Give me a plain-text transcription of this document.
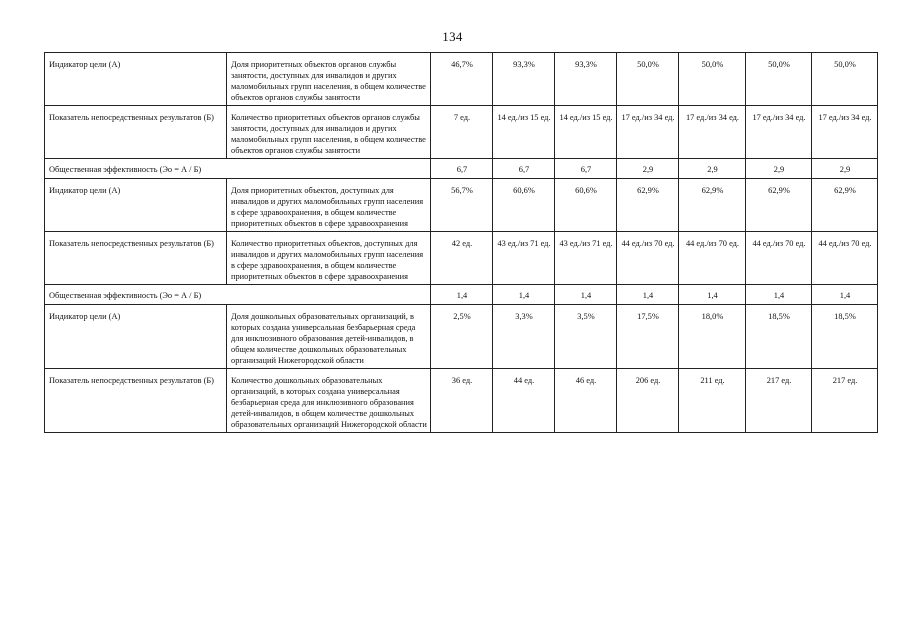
134
Индикатор цели (А)	Доля приоритетных объектов органов службы занятости, доступных для инвалидов и других маломобильных групп населения, в общем количестве объектов органов службы занятости	46,7%	93,3%	93,3%	50,0%	50,0%	50,0%	50,0%
Показатель непосредственных результатов (Б)	Количество приоритетных объектов органов службы занятости, доступных для инвалидов и других маломобильных групп населения, в общем количестве объектов органов службы занятости	7 ед.	14 ед./из 15 ед.	14 ед./из 15 ед.	17 ед./из 34 ед.	17 ед./из 34 ед.	17 ед./из 34 ед.	17 ед./из 34 ед.
Общественная эффективность (Эо = А / Б)		6,7	6,7	6,7	2,9	2,9	2,9	2,9
Индикатор цели (А)	Доля приоритетных объектов, доступных для инвалидов и других маломобильных групп населения в сфере здравоохранения, в общем количестве приоритетных объектов в сфере здравоохранения	56,7%	60,6%	60,6%	62,9%	62,9%	62,9%	62,9%
Показатель непосредственных результатов (Б)	Количество приоритетных объектов, доступных для инвалидов и других маломобильных групп населения в сфере здравоохранения, в общем количестве приоритетных объектов в сфере здравоохранения	42 ед.	43 ед./из 71 ед.	43 ед./из 71 ед.	44 ед./из 70 ед.	44 ед./из 70 ед.	44 ед./из 70 ед.	44 ед./из 70 ед.
Общественная эффективность (Эо = А / Б)		1,4	1,4	1,4	1,4	1,4	1,4	1,4
Индикатор цели (А)	Доля дошкольных образовательных организаций, в которых создана универсальная безбарьерная среда для инклюзивного образования детей-инвалидов, в общем количестве дошкольных образовательных организаций Нижегородской области	2,5%	3,3%	3,5%	17,5%	18,0%	18,5%	18,5%
Показатель непосредственных результатов (Б)	Количество дошкольных образовательных организаций, в которых создана универсальная безбарьерная среда для инклюзивного образования детей-инвалидов, в общем количестве дошкольных образовательных организаций Нижегородской области	36 ед.	44 ед.	46 ед.	206 ед.	211 ед.	217 ед.	217 ед.
